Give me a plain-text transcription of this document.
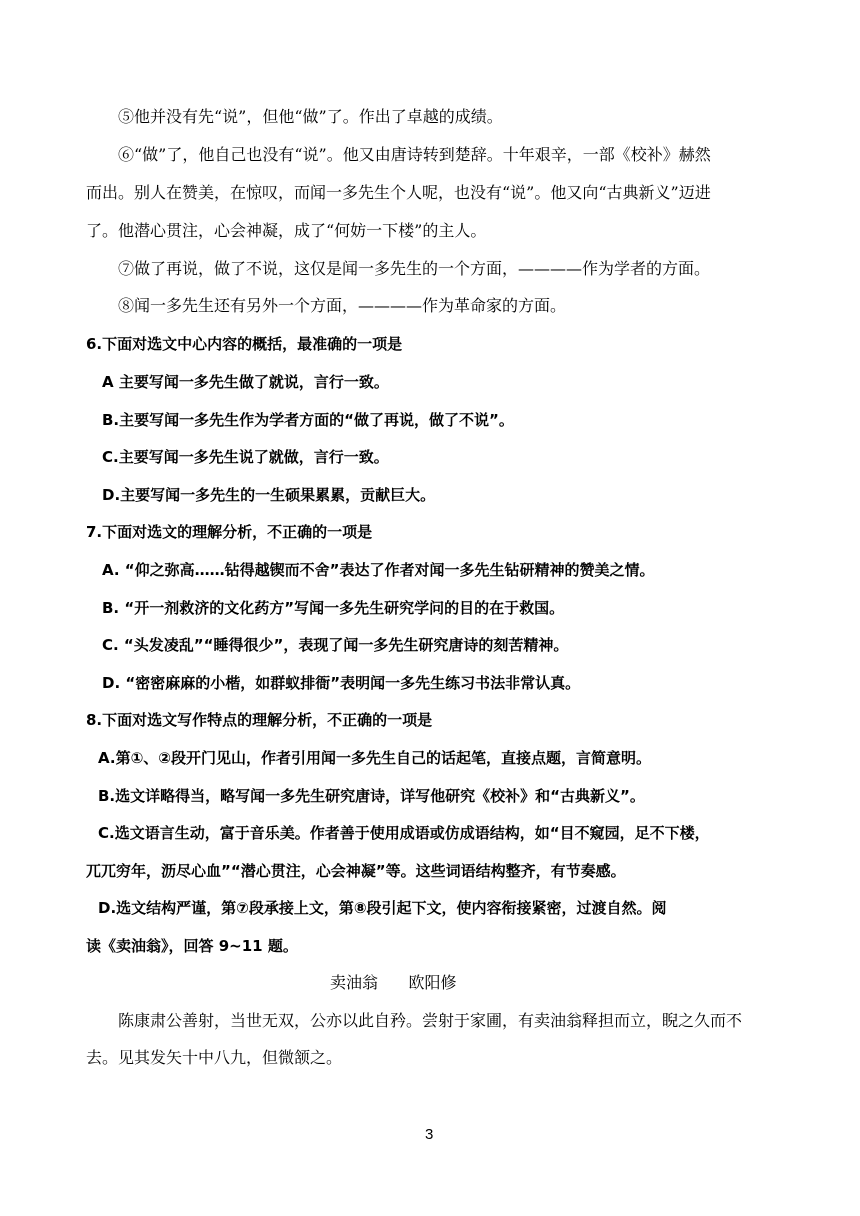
⑤他并没有先“说”，但他“做”了。作出了卓越的成绩。
⑥“做”了，他自己也没有“说”。他又由唐诗转到楚辞。十年艰辛，一部《校补》赫然
而出。别人在赞美，在惊叹，而闻一多先生个人呢，也没有“说”。他又向“古典新义”迈进
了。他潜心贯注，心会神凝，成了“何妨一下楼”的主人。
⑦做了再说，做了不说，这仅是闻一多先生的一个方面，————作为学者的方面。
⑧闻一多先生还有另外一个方面，————作为革命家的方面。
6.下面对选文中心内容的概括，最准确的一项是
A 主要写闻一多先生做了就说，言行一致。
B.主要写闻一多先生作为学者方面的“做了再说，做了不说”。
C.主要写闻一多先生说了就做，言行一致。
D.主要写闻一多先生的一生硕果累累，贡献巨大。
7.下面对选文的理解分析，不正确的一项是
A. “仰之弥高……钻得越锲而不舍”表达了作者对闻一多先生钻研精神的赞美之情。
B. “开一剂救济的文化药方”写闻一多先生研究学问的目的在于救国。
C. “头发凌乱”“睡得很少”，表现了闻一多先生研究唐诗的刻苦精神。
D. “密密麻麻的小楷，如群蚁排衙”表明闻一多先生练习书法非常认真。
8.下面对选文写作特点的理解分析，不正确的一项是
A.第①、②段开门见山，作者引用闻一多先生自己的话起笔，直接点题，言简意明。
B.选文详略得当，略写闻一多先生研究唐诗，详写他研究《校补》和“古典新义”。
C.选文语言生动，富于音乐美。作者善于使用成语或仿成语结构，如“目不窥园，足不下楼，
兀兀穷年，沥尽心血”“潜心贯注，心会神凝”等。这些词语结构整齐，有节奏感。
D.选文结构严谨，第⑦段承接上文，第⑧段引起下文，使内容衔接紧密，过渡自然。阅
读《卖油翁》，回答 9~11 题。
卖油翁      欧阳修
陈康肃公善射，当世无双，公亦以此自矜。尝射于家圃，有卖油翁释担而立，睨之久而不
去。见其发矢十中八九，但微颔之。
3
